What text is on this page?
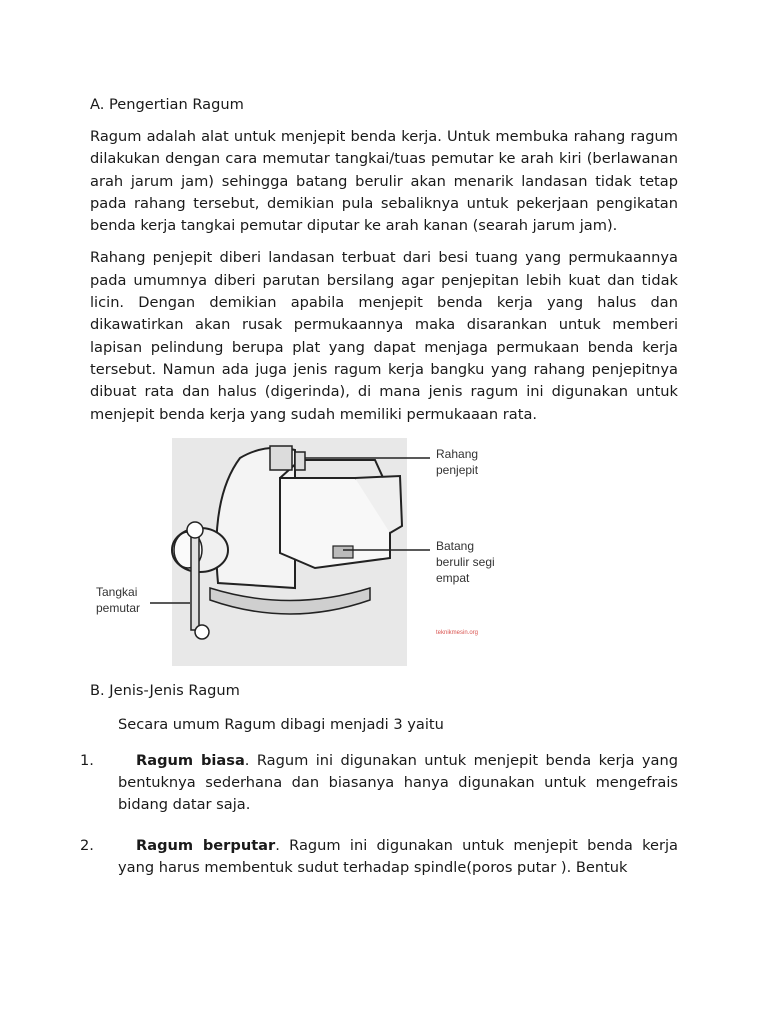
A. Pengertian Ragum

Ragum adalah alat untuk menjepit benda kerja. Untuk membuka rahang ragum dilakukan dengan cara memutar tangkai/tuas pemutar ke arah kiri (berlawanan arah jarum jam) sehingga batang berulir akan menarik landasan tidak tetap pada rahang tersebut, demikian pula sebaliknya untuk pekerjaan pengikatan benda kerja tangkai pemutar diputar ke arah kanan (searah jarum jam).

Rahang penjepit diberi landasan terbuat dari besi tuang yang permukaannya pada umumnya diberi parutan bersilang agar penjepitan lebih kuat dan tidak licin. Dengan demikian apabila menjepit benda kerja yang halus dan dikawatirkan akan rusak permukaannya maka disarankan untuk memberi lapisan pelindung berupa plat yang dapat menjaga permukaan benda kerja tersebut. Namun ada juga jenis ragum kerja bangku yang rahang penjepitnya dibuat rata dan halus (digerinda), di mana jenis ragum ini digunakan untuk menjepit benda kerja yang sudah memiliki permukaaan rata.

Rahang
penjepit
Batang
berulir segi
empat
Tangkai
pemutar
teknikmesin.org
B. Jenis-Jenis Ragum

Secara umum Ragum dibagi menjadi 3 yaitu

1.	Ragum biasa. Ragum ini digunakan untuk menjepit benda kerja yang bentuknya sederhana dan biasanya hanya digunakan untuk mengefrais bidang datar saja.
2.	Ragum berputar. Ragum ini digunakan untuk menjepit benda kerja yang harus membentuk sudut terhadap spindle(poros putar ). Bentuk
